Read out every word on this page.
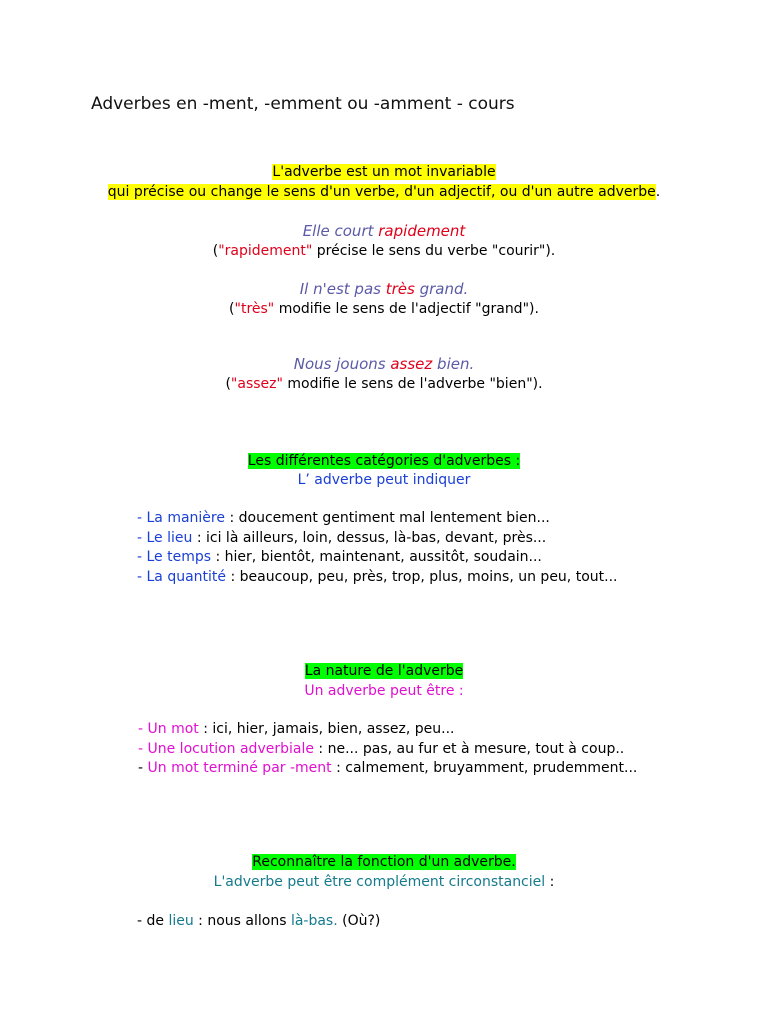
Adverbes en -ment, -emment ou -amment - cours
L'adverbe est un mot invariable
qui précise ou change le sens d'un verbe, d'un adjectif, ou d'un autre adverbe.
Elle court rapidement
("rapidement" précise le sens du verbe "courir").
Il n'est pas très grand.
("très" modifie le sens de l'adjectif "grand").
Nous jouons assez bien.
("assez" modifie le sens de l'adverbe "bien").
Les différentes catégories d'adverbes :
L’ adverbe peut indiquer
- La manière : doucement gentiment mal lentement bien...
- Le lieu : ici là ailleurs, loin, dessus, là-bas, devant, près...
- Le temps : hier, bientôt, maintenant, aussitôt, soudain...
- La quantité : beaucoup, peu, près, trop, plus, moins, un peu, tout...
La nature de l'adverbe
Un adverbe peut être :
- Un mot : ici, hier, jamais, bien, assez, peu...
- Une locution adverbiale : ne... pas, au fur et à mesure, tout à coup..
- Un mot terminé par -ment : calmement, bruyamment, prudemment...
Reconnaître la fonction d'un adverbe.
L'adverbe peut être complément circonstanciel :
- de lieu : nous allons là-bas. (Où?)
